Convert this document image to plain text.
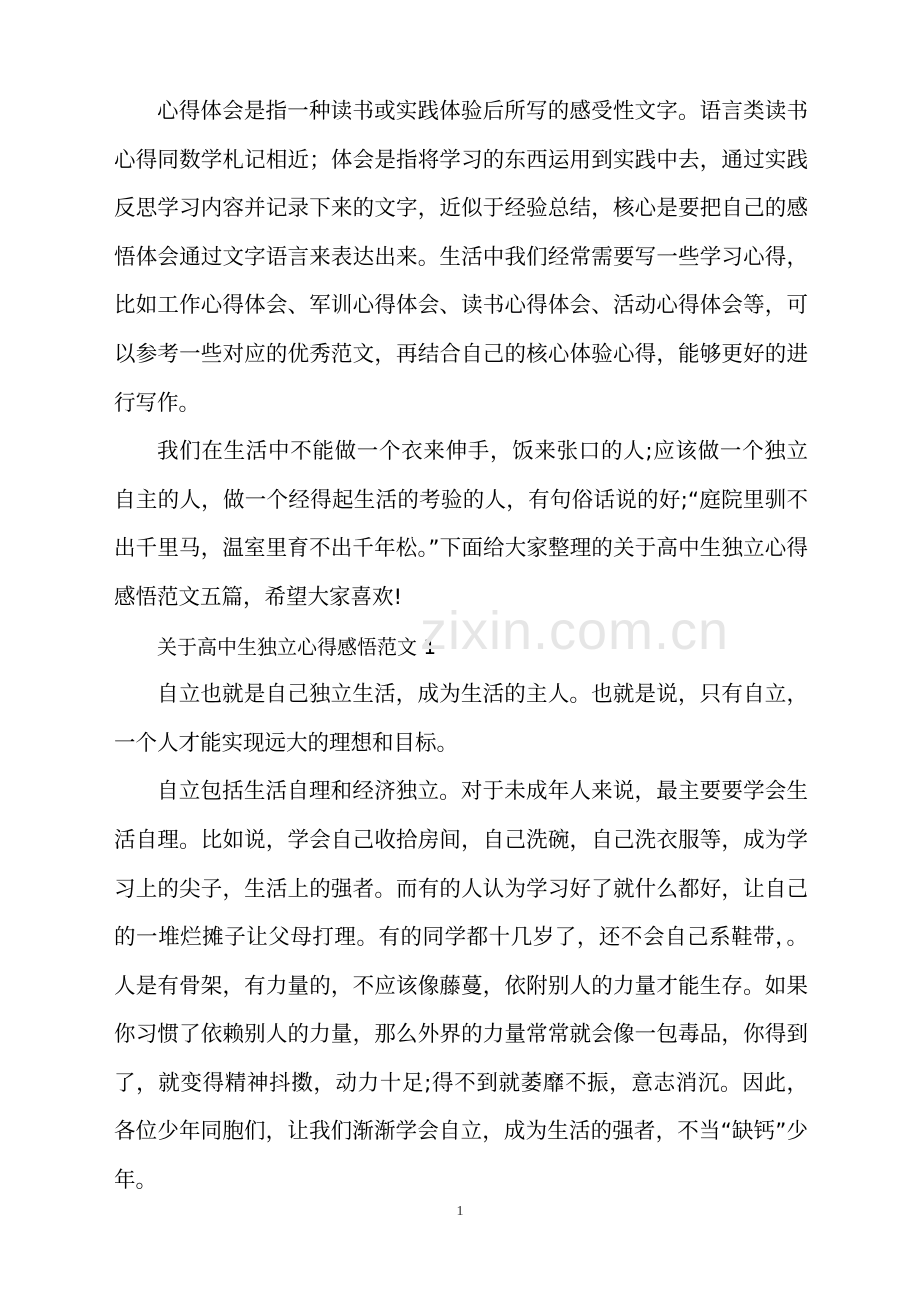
心得体会是指一种读书或实践体验后所写的感受性文字。语言类读书心得同数学札记相近；体会是指将学习的东西运用到实践中去，通过实践反思学习内容并记录下来的文字，近似于经验总结，核心是要把自己的感悟体会通过文字语言来表达出来。生活中我们经常需要写一些学习心得，比如工作心得体会、军训心得体会、读书心得体会、活动心得体会等，可以参考一些对应的优秀范文，再结合自己的核心体验心得，能够更好的进行写作。

我们在生活中不能做一个衣来伸手，饭来张口的人;应该做一个独立自主的人，做一个经得起生活的考验的人，有句俗话说的好;“庭院里驯不出千里马，温室里育不出千年松。”下面给大家整理的关于高中生独立心得感悟范文五篇，希望大家喜欢!

关于高中生独立心得感悟范文 1

自立也就是自己独立生活，成为生活的主人。也就是说，只有自立，一个人才能实现远大的理想和目标。

自立包括生活自理和经济独立。对于未成年人来说，最主要要学会生活自理。比如说，学会自己收拾房间，自己洗碗，自己洗衣服等，成为学习上的尖子，生活上的强者。而有的人认为学习好了就什么都好，让自己的一堆烂摊子让父母打理。有的同学都十几岁了，还不会自己系鞋带，。人是有骨架，有力量的，不应该像藤蔓，依附别人的力量才能生存。如果你习惯了依赖别人的力量，那么外界的力量常常就会像一包毒品，你得到了，就变得精神抖擞，动力十足;得不到就萎靡不振，意志消沉。因此，各位少年同胞们，让我们渐渐学会自立，成为生活的强者，不当“缺钙”少年。

zixin.com.cn
1
